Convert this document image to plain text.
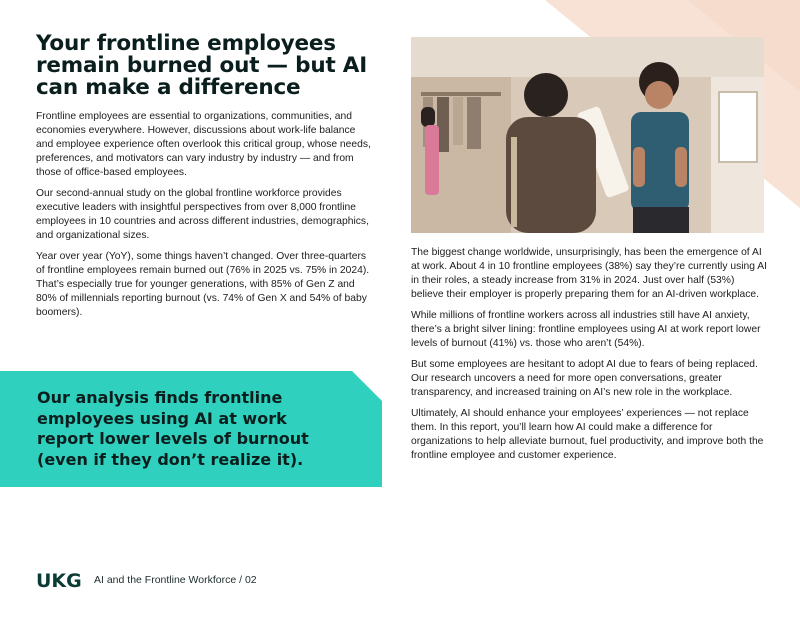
Your frontline employees remain burned out — but AI can make a difference

Frontline employees are essential to organizations, communities, and economies everywhere. However, discussions about work-life balance and employee experience often overlook this critical group, whose needs, preferences, and motivators can vary industry by industry — and from those of office-based employees.

Our second-annual study on the global frontline workforce provides executive leaders with insightful perspectives from over 8,000 frontline employees in 10 countries and across different industries, demographics, and organizational sizes.

Year over year (YoY), some things haven’t changed. Over three-quarters of frontline employees remain burned out (76% in 2025 vs. 75% in 2024). That’s especially true for younger generations, with 85% of Gen Z and 80% of millennials reporting burnout (vs. 74% of Gen X and 54% of baby boomers).

Our analysis finds frontline employees using AI at work report lower levels of burnout (even if they don’t realize it).

The biggest change worldwide, unsurprisingly, has been the emergence of AI at work. About 4 in 10 frontline employees (38%) say they’re currently using AI in their roles, a steady increase from 31% in 2024. Just over half (53%) believe their employer is properly preparing them for an AI-driven workplace.

While millions of frontline workers across all industries still have AI anxiety, there’s a bright silver lining: frontline employees using AI at work report lower levels of burnout (41%) vs. those who aren’t (54%).

But some employees are hesitant to adopt AI due to fears of being replaced. Our research uncovers a need for more open conversations, greater transparency, and increased training on AI’s new role in the workplace.

Ultimately, AI should enhance your employees’ experiences — not replace them. In this report, you’ll learn how AI could make a difference for organizations to help alleviate burnout, fuel productivity, and improve both the frontline employee and customer experience.

UKG AI and the Frontline Workforce / 02
